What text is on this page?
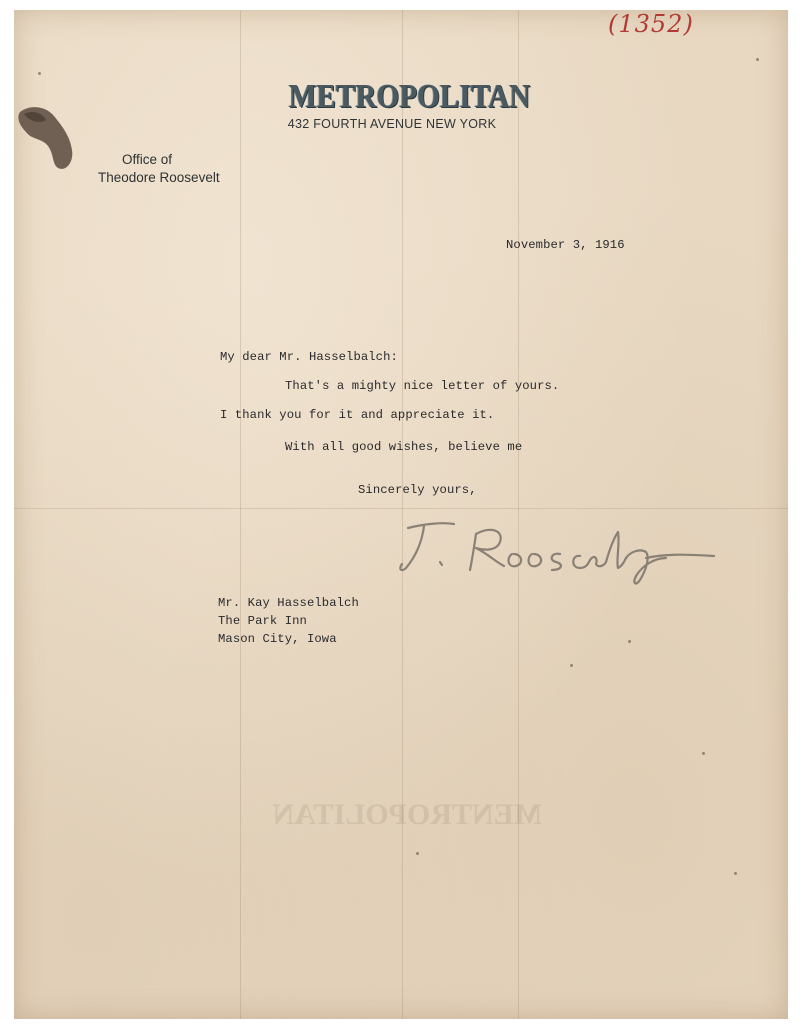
MENTROPOLITAN
(1352)
METROPOLITAN
432 FOURTH AVENUE NEW YORK
Office of
Theodore Roosevelt
November 3, 1916
My dear Mr. Hasselbalch:
That's a mighty nice letter of yours.
I thank you for it and appreciate it.
With all good wishes, believe me
Sincerely yours,
Mr. Kay Hasselbalch
The Park Inn
Mason City, Iowa
